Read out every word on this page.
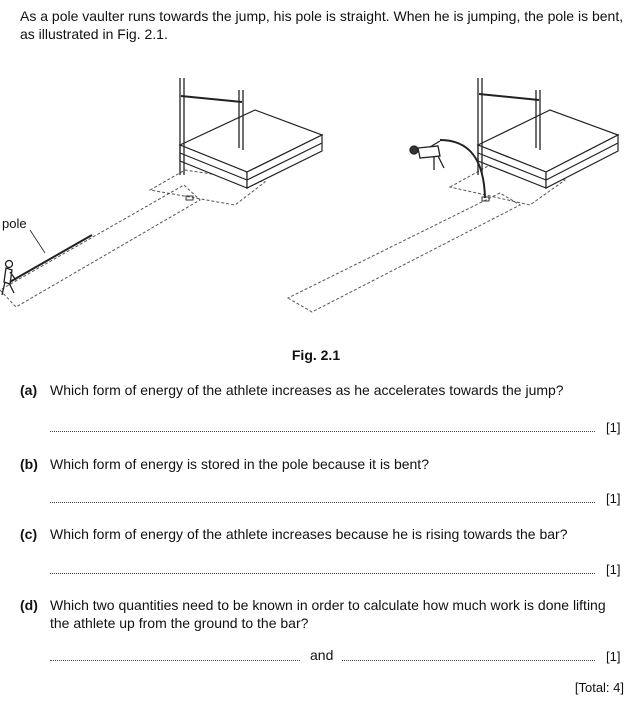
As a pole vaulter runs towards the jump, his pole is straight. When he is jumping, the pole is bent, as illustrated in Fig. 2.1.
pole
Fig. 2.1
(a) Which form of energy of the athlete increases as he accelerates towards the jump?
[1]
(b) Which form of energy is stored in the pole because it is bent?
[1]
(c) Which form of energy of the athlete increases because he is rising towards the bar?
[1]
(d) Which two quantities need to be known in order to calculate how much work is done lifting the athlete up from the ground to the bar?
and	[1]
[Total: 4]
